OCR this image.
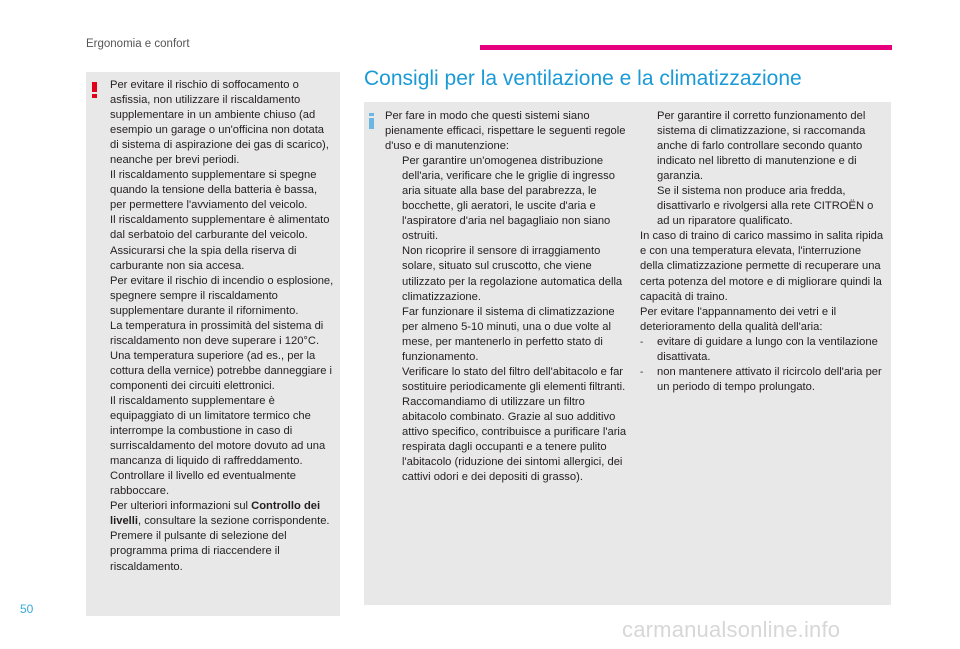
Ergonomia e confort

Per evitare il rischio di soffocamento o asfissia, non utilizzare il riscaldamento supplementare in un ambiente chiuso (ad esempio un garage o un'officina non dotata di sistema di aspirazione dei gas di scarico), neanche per brevi periodi.

Il riscaldamento supplementare si spegne quando la tensione della batteria è bassa, per permettere l'avviamento del veicolo.

Il riscaldamento supplementare è alimentato dal serbatoio del carburante del veicolo. Assicurarsi che la spia della riserva di carburante non sia accesa.

Per evitare il rischio di incendio o esplosione, spegnere sempre il riscaldamento supplementare durante il rifornimento.

La temperatura in prossimità del sistema di riscaldamento non deve superare i 120°C. Una temperatura superiore (ad es., per la cottura della vernice) potrebbe danneggiare i componenti dei circuiti elettronici.

Il riscaldamento supplementare è equipaggiato di un limitatore termico che interrompe la combustione in caso di surriscaldamento del motore dovuto ad una mancanza di liquido di raffreddamento. Controllare il livello ed eventualmente rabboccare.

Per ulteriori informazioni sul Controllo dei livelli, consultare la sezione corrispondente.

Premere il pulsante di selezione del programma prima di riaccendere il riscaldamento.

Consigli per la ventilazione e la climatizzazione

Per fare in modo che questi sistemi siano pienamente efficaci, rispettare le seguenti regole d'uso e di manutenzione:

Per garantire un'omogenea distribuzione dell'aria, verificare che le griglie di ingresso aria situate alla base del parabrezza, le bocchette, gli aeratori, le uscite d'aria e l'aspiratore d'aria nel bagagliaio non siano ostruiti.
Non ricoprire il sensore di irraggiamento solare, situato sul cruscotto, che viene utilizzato per la regolazione automatica della climatizzazione.
Far funzionare il sistema di climatizzazione per almeno 5-10 minuti, una o due volte al mese, per mantenerlo in perfetto stato di funzionamento.
Verificare lo stato del filtro dell'abitacolo e far sostituire periodicamente gli elementi filtranti. Raccomandiamo di utilizzare un filtro abitacolo combinato. Grazie al suo additivo attivo specifico, contribuisce a purificare l'aria respirata dagli occupanti e a tenere pulito l'abitacolo (riduzione dei sintomi allergici, dei cattivi odori e dei depositi di grasso).
Per garantire il corretto funzionamento del sistema di climatizzazione, si raccomanda anche di farlo controllare secondo quanto indicato nel libretto di manutenzione e di garanzia.
Se il sistema non produce aria fredda, disattivarlo e rivolgersi alla rete CITROËN o ad un riparatore qualificato.

In caso di traino di carico massimo in salita ripida e con una temperatura elevata, l'interruzione della climatizzazione permette di recuperare una certa potenza del motore e di migliorare quindi la capacità di traino.

Per evitare l'appannamento dei vetri e il deterioramento della qualità dell'aria:

-	evitare di guidare a lungo con la ventilazione disattivata.
-	non mantenere attivato il ricircolo dell'aria per un periodo di tempo prolungato.
50
carmanualsonline.info
